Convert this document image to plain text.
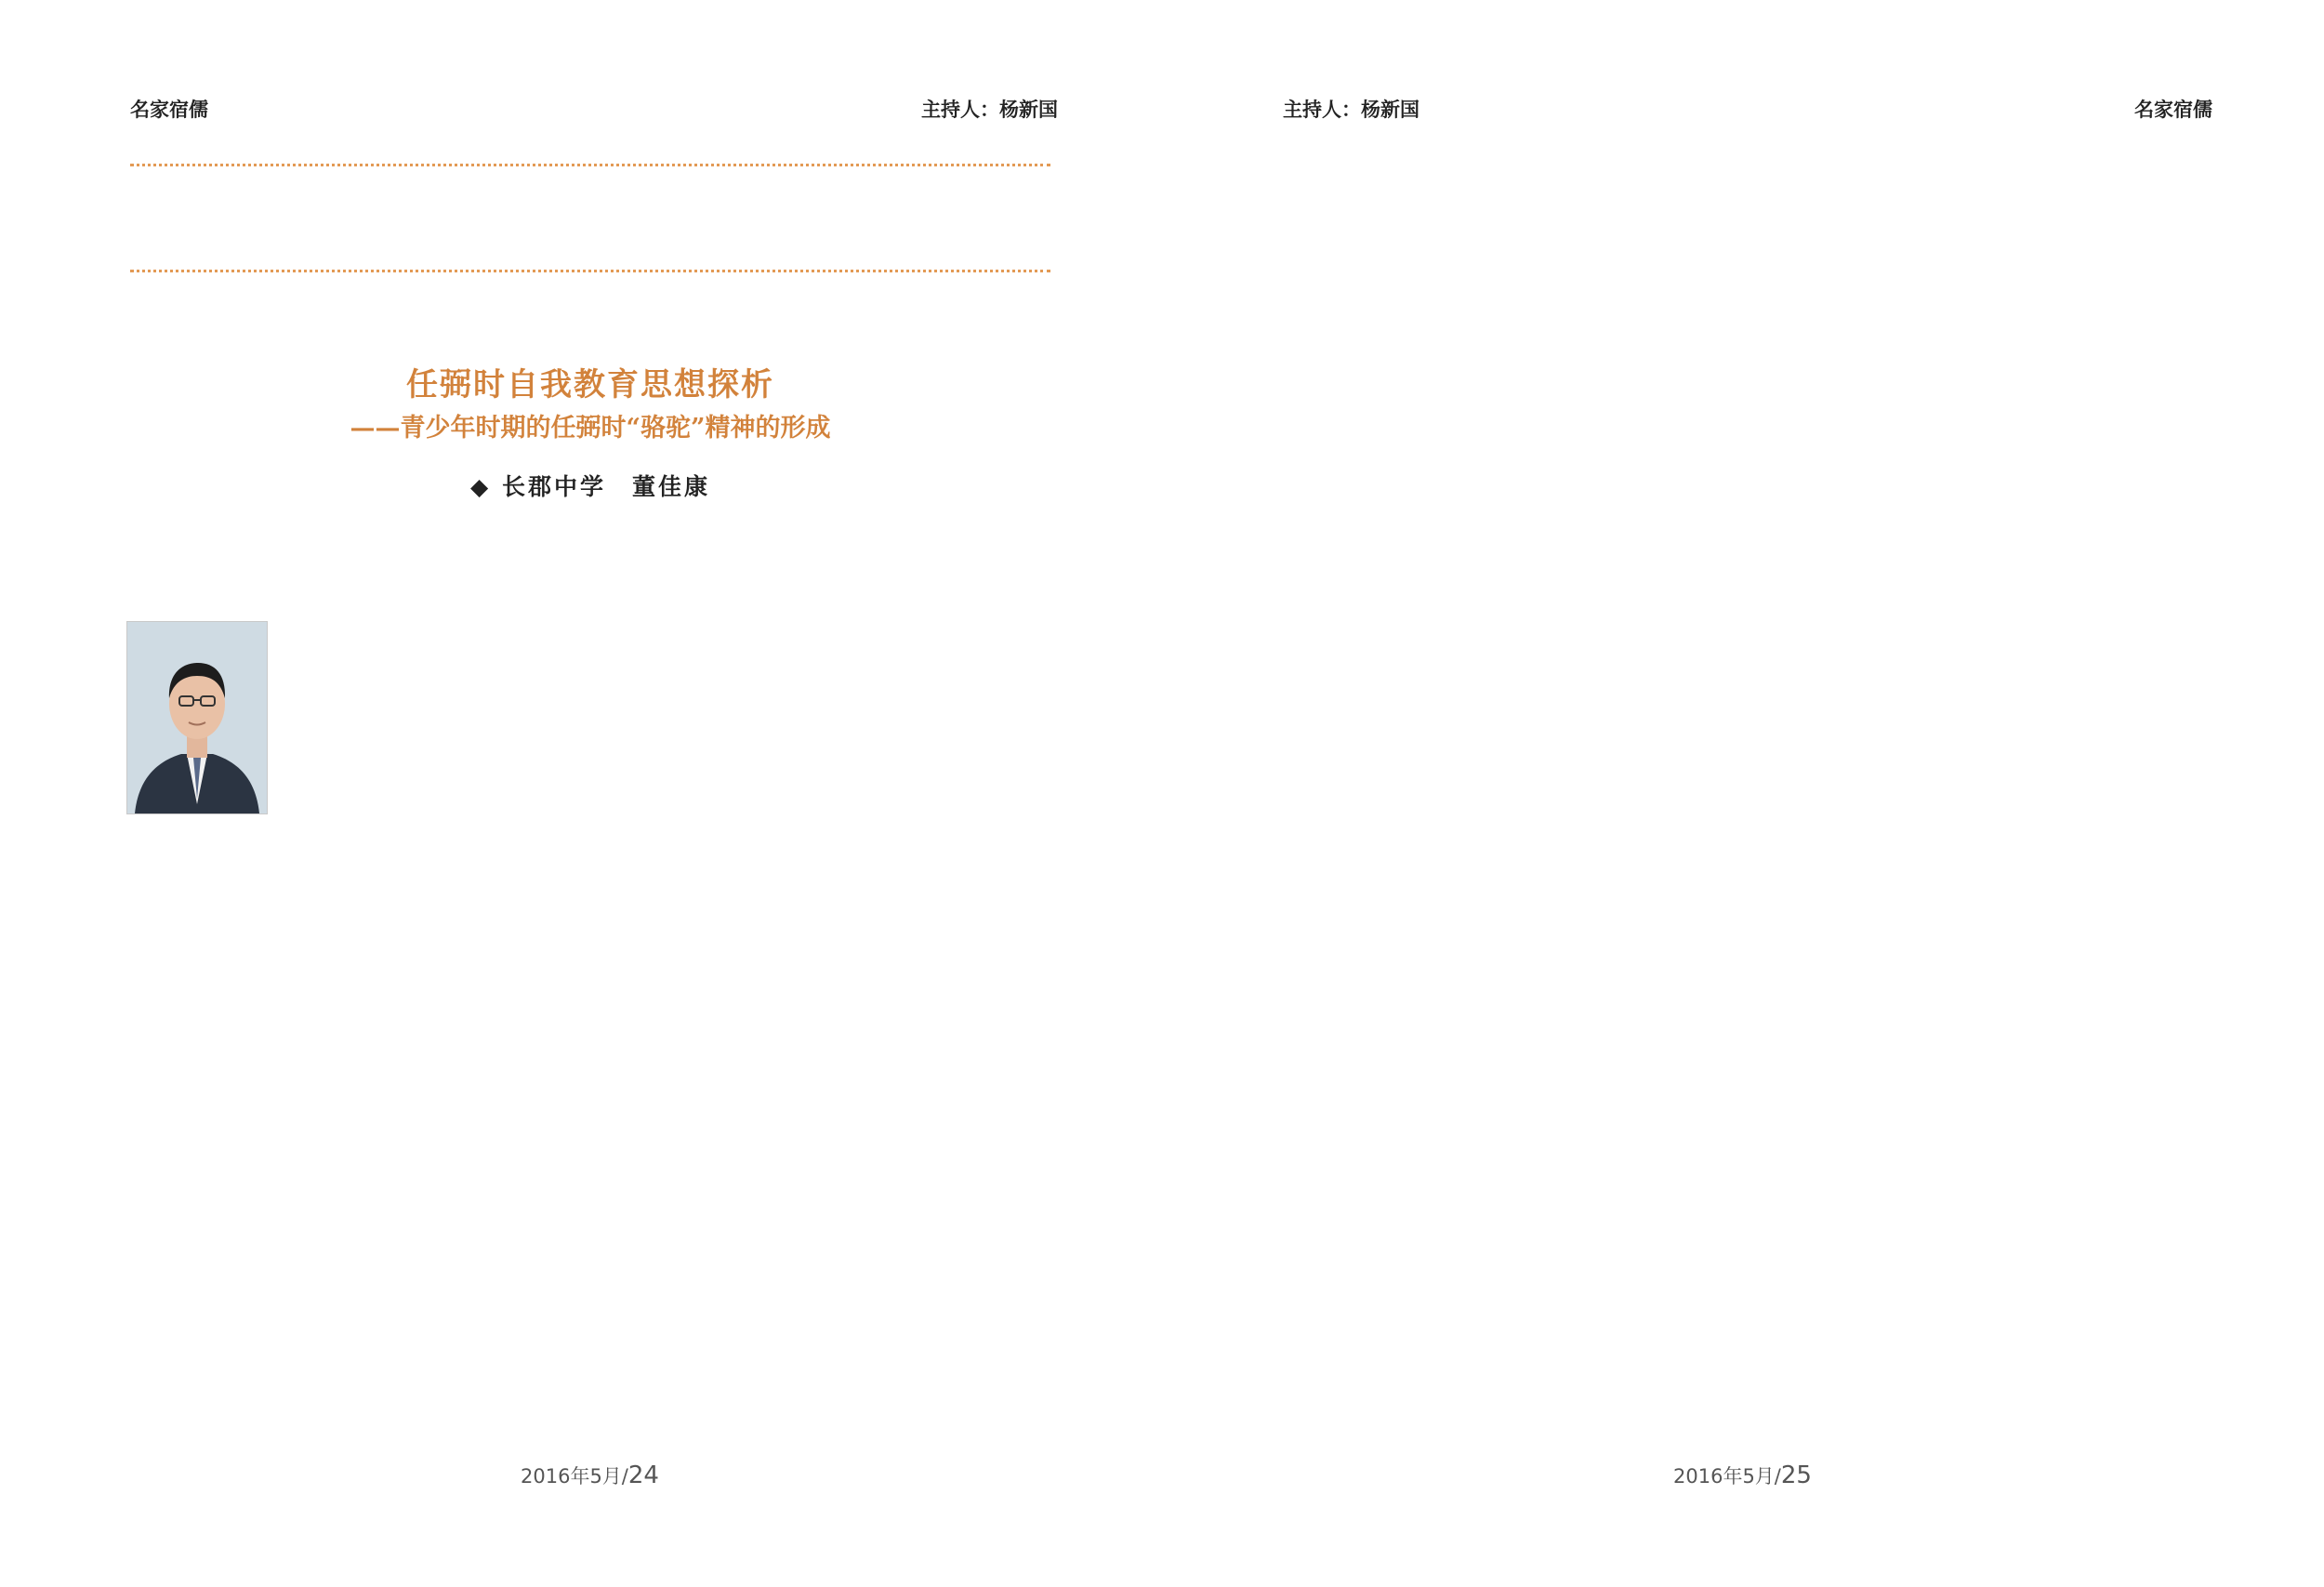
名家宿儒	主持人：杨新国
任弼时自我教育思想探析
——青少年时期的任弼时“骆驼”精神的形成
◆ 长郡中学　董佳康
2016年5月/24
主持人：杨新国	名家宿儒
2016年5月/25
